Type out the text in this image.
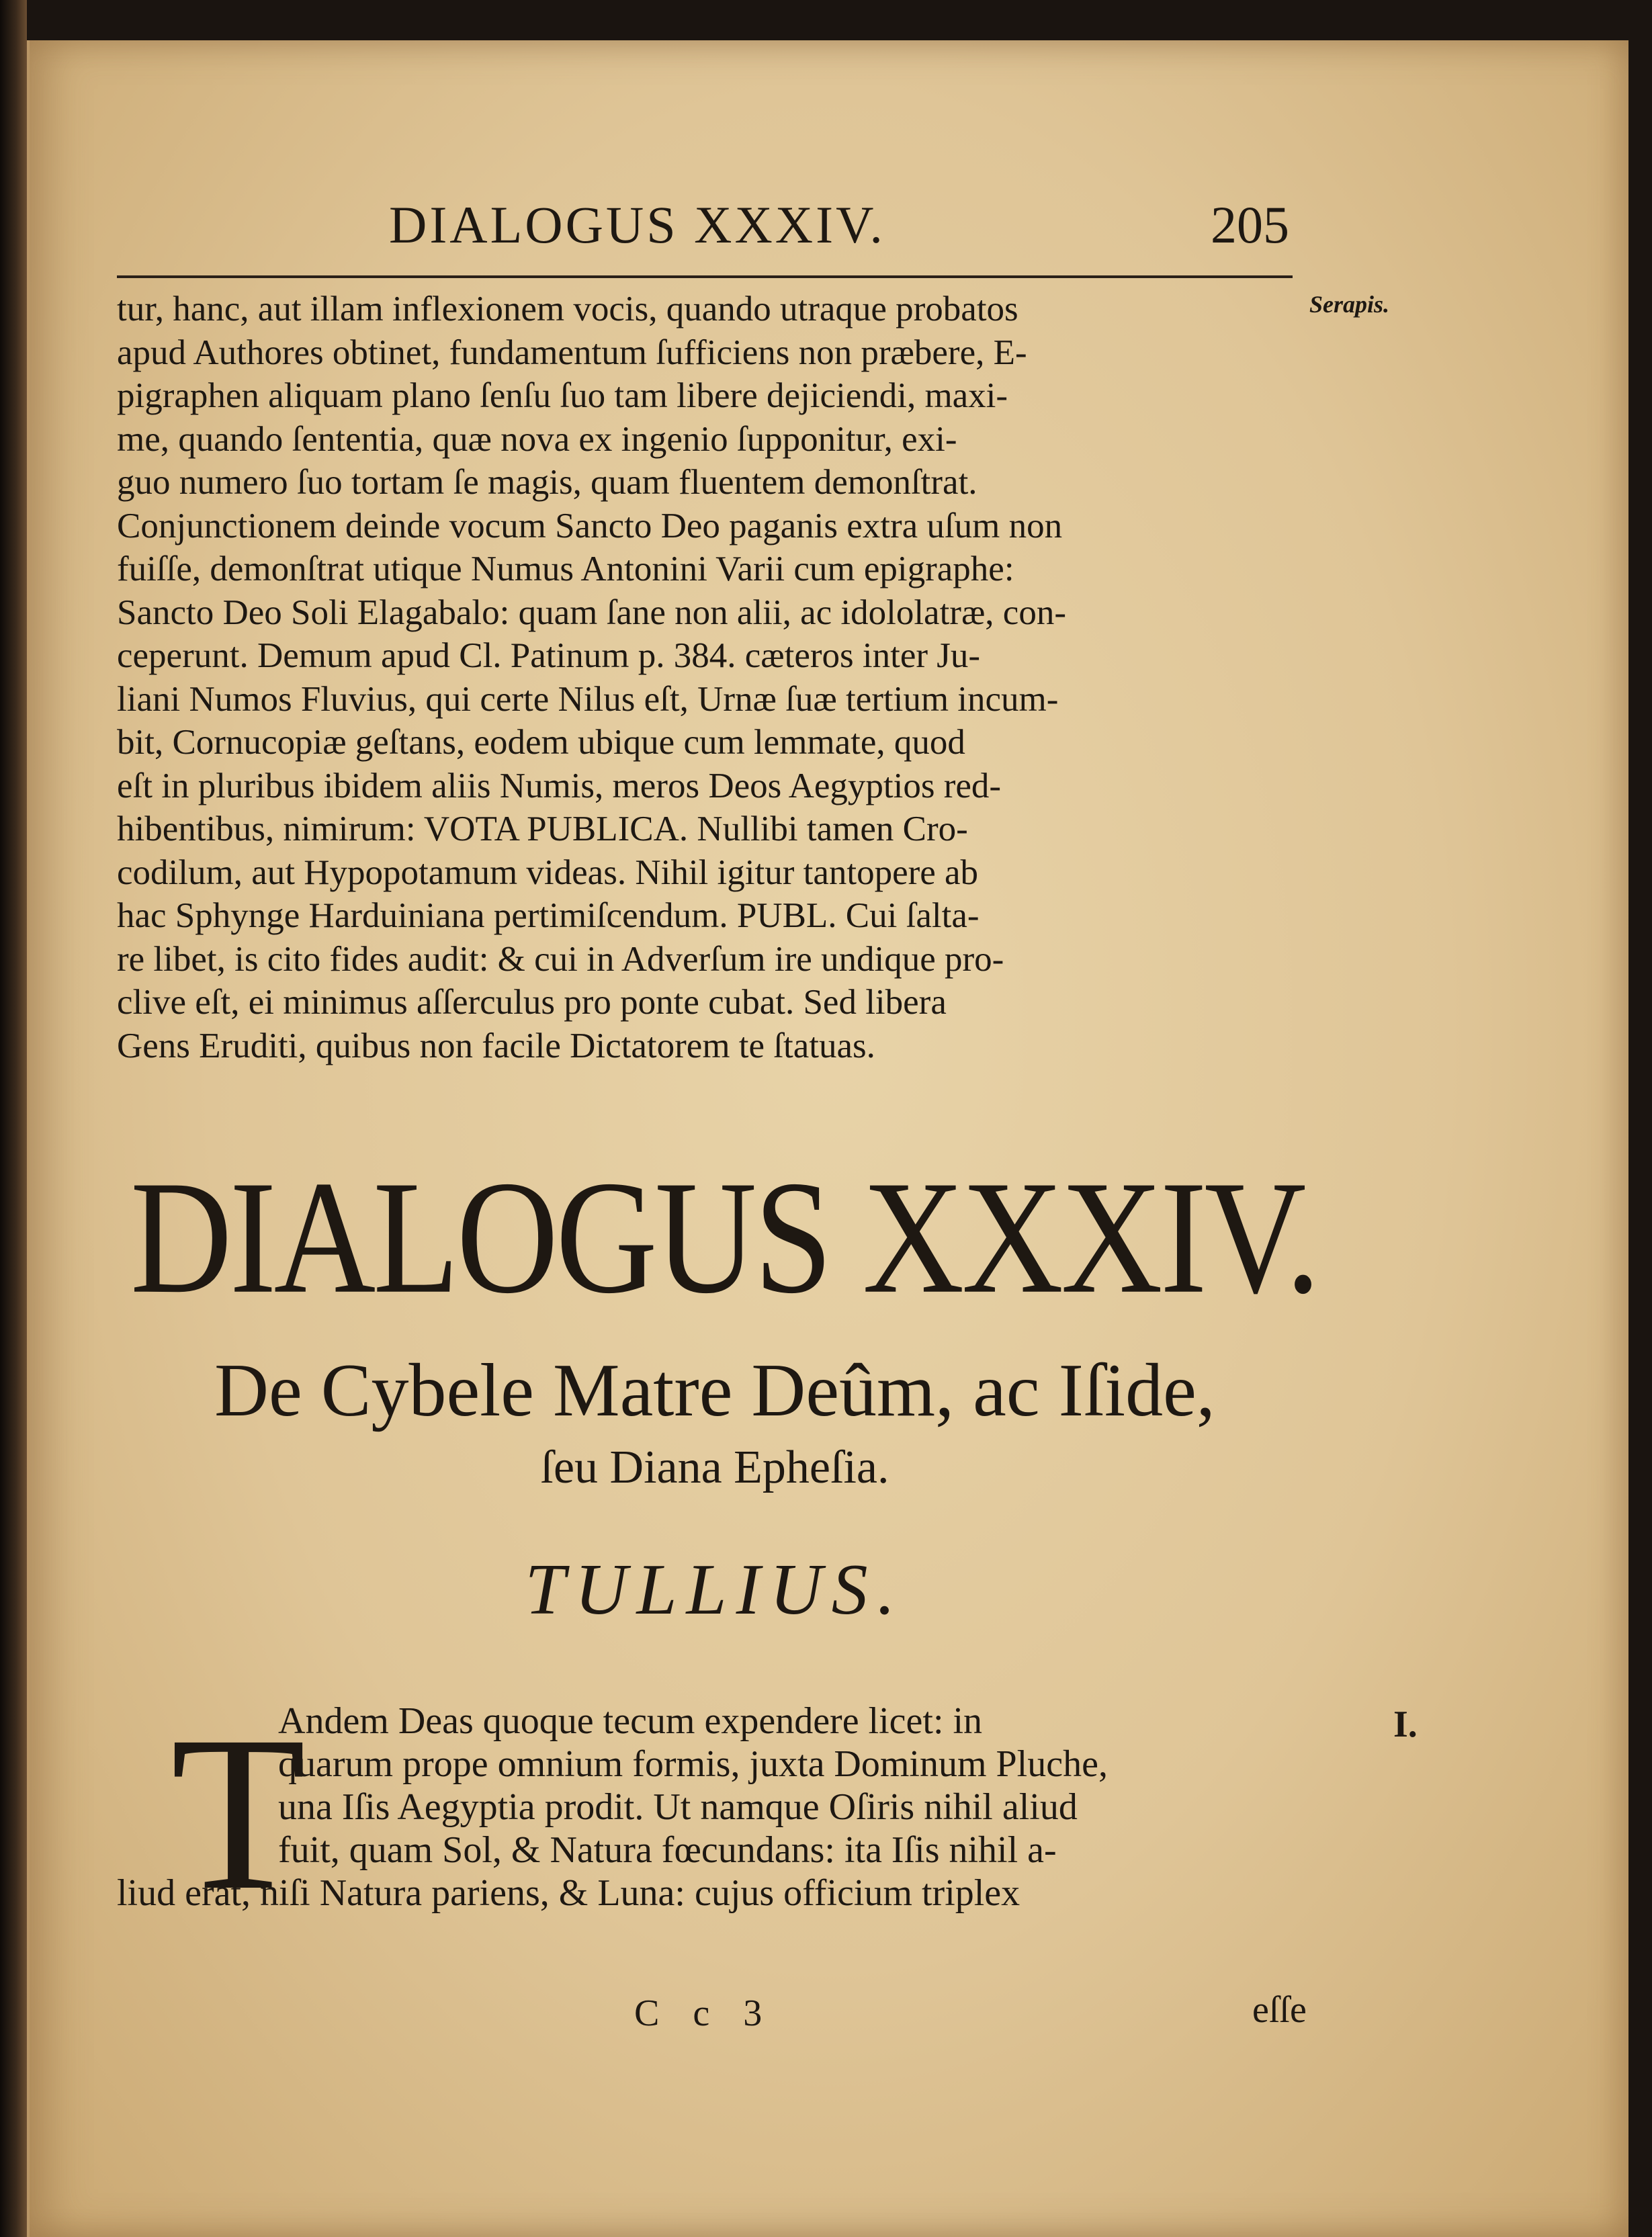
DIALOGUS XXXIV.	205
Serapis.

tur, hanc, aut illam inflexionem vocis, quando utraque probatos

apud Authores obtinet, fundamentum ſufficiens non præbere, E-

pigraphen aliquam plano ſenſu ſuo tam libere dejiciendi, maxi-

me, quando ſententia, quæ nova ex ingenio ſupponitur, exi-

guo numero ſuo tortam ſe magis, quam fluentem demonſtrat.

Conjunctionem deinde vocum Sancto Deo paganis extra uſum non

fuiſſe, demonſtrat utique Numus Antonini Varii cum epigraphe:

Sancto Deo Soli Elagabalo: quam ſane non alii, ac idololatræ, con-

ceperunt. Demum apud Cl. Patinum p. 384. cæteros inter Ju-

liani Numos Fluvius, qui certe Nilus eſt, Urnæ ſuæ tertium incum-

bit, Cornucopiæ geſtans, eodem ubique cum lemmate, quod

eſt in pluribus ibidem aliis Numis, meros Deos Aegyptios red-

hibentibus, nimirum: VOTA PUBLICA. Nullibi tamen Cro-

codilum, aut Hypopotamum videas. Nihil igitur tantopere ab

hac Sphynge Harduiniana pertimiſcendum. PUBL. Cui ſalta-

re libet, is cito fides audit: & cui in Adverſum ire undique pro-

clive eſt, ei minimus aſſerculus pro ponte cubat. Sed libera

Gens Eruditi, quibus non facile Dictatorem te ſtatuas.

DIALOGUS XXXIV.
De Cybele Matre Deûm, ac Iſide,
ſeu Diana Epheſia.
TULLIUS.
T	I.
Andem Deas quoque tecum expendere licet: in
quarum prope omnium formis, juxta Dominum Pluche,
una Iſis Aegyptia prodit. Ut namque Oſiris nihil aliud
fuit, quam Sol, & Natura fœcundans: ita Iſis nihil a-
liud erat, niſi Natura pariens, & Luna: cujus officium triplex
C c 3	eſſe
